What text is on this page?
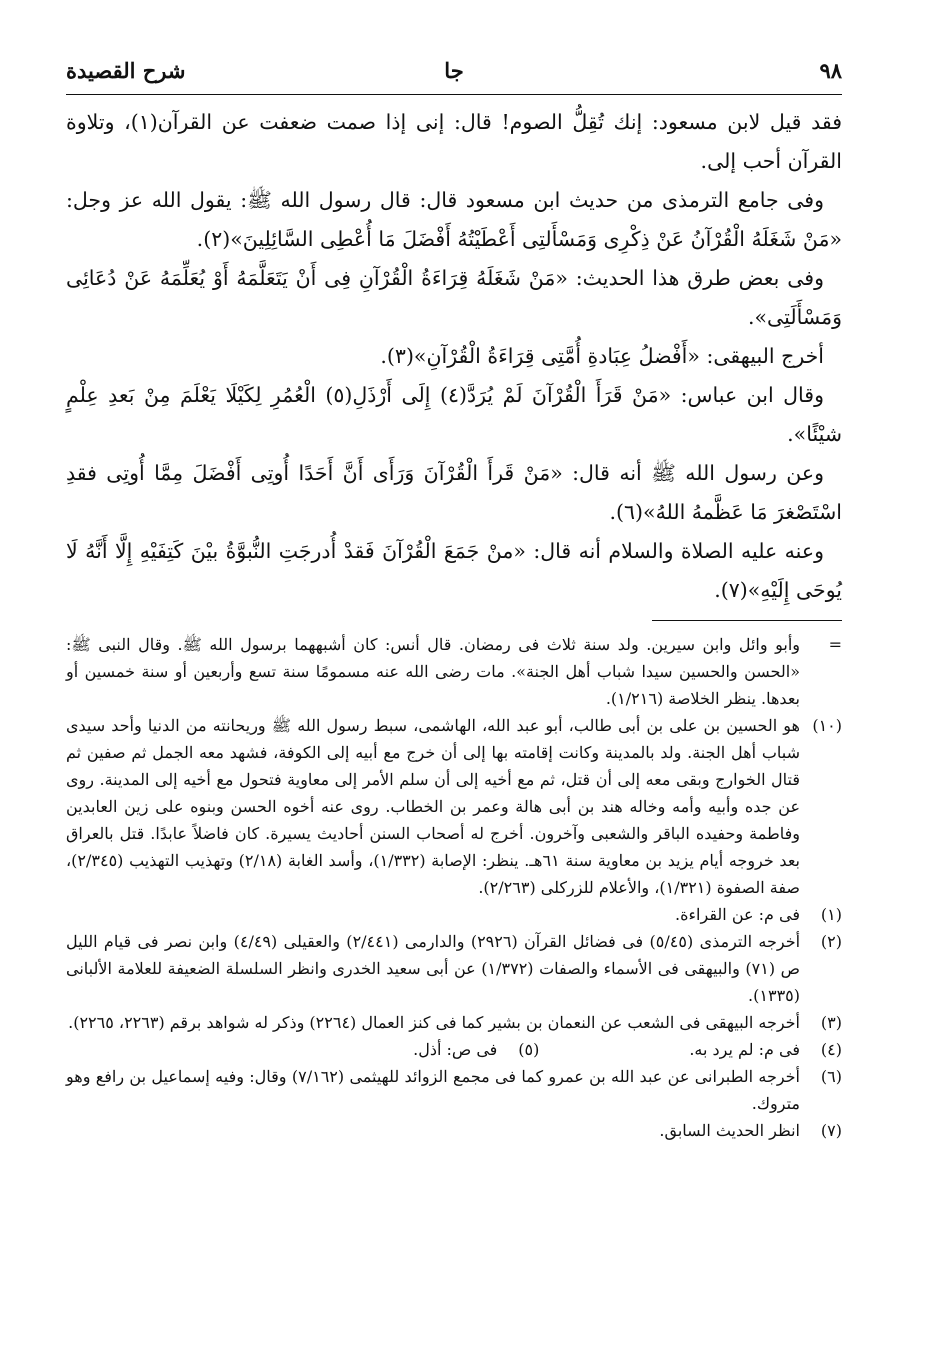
٩٨
جا
شرح القصيدة

فقد قيل لابن مسعود: إنك تُقِلُّ الصوم! قال: إنى إذا صمت ضعفت عن القرآن(١)، وتلاوة القرآن أحب إلى.

وفى جامع الترمذى من حديث ابن مسعود قال: قال رسول الله ﷺ: يقول الله عز وجل: «مَنْ شَغَلَهُ الْقُرْآنُ عَنْ ذِكْرِى وَمَسْأَلتِى أَعْطَيْتُهُ أَفْضَلَ مَا أُعْطِى السَّائِلِينَ»(٢).

وفى بعض طرق هذا الحديث: «مَنْ شَغَلَهُ قِرَاءَةُ الْقُرْآنِ فِى أَنْ يَتَعَلَّمَهُ أَوْ يُعَلِّمَهُ عَنْ دُعَائِى وَمَسْأَلَتِى».

أخرج البيهقى: «أَفْضلُ عِبَادةِ أُمَّتِى قِرَاءَةُ الْقُرْآنِ»(٣).

وقال ابن عباس: «مَنْ قَرَأَ الْقُرْآنَ لَمْ يُرَدَّ(٤) إِلَى أَرْذَلِ(٥) الْعُمُرِ لِكَيْلَا يَعْلَمَ مِنْ بَعدِ عِلْمٍ شيْئًا».

وعن رسول الله ﷺ أنه قال: «مَنْ قَرأَ الْقُرْآنَ وَرَأَى أَنَّ أَحَدًا أُوتِى أَفْضَلَ مِمَّا أُوتِى فقدِ اسْتَصْغرَ مَا عَظَّمهُ اللهُ»(٦).

وعنه عليه الصلاة والسلام أنه قال: «منْ جَمَعَ الْقُرْآنَ فَقدْ أُدرجَتِ النُّبوَّةُ بيْنَ كَتِفَيْهِ إِلَّا أَنَّهُ لَا يُوحَى إِلَيْهِ»(٧).

=
وأبو وائل وابن سيرين. ولد سنة ثلاث فى رمضان. قال أنس: كان أشبههما برسول الله ﷺ. وقال النبى ﷺ: «الحسن والحسين سيدا شباب أهل الجنة». مات رضى الله عنه مسمومًا سنة تسع وأربعين أو سنة خمسين أو بعدها. ينظر الخلاصة (١/٢١٦).
(١٠)
هو الحسين بن على بن أبى طالب، أبو عبد الله، الهاشمى، سبط رسول الله ﷺ وريحانته من الدنيا وأحد سيدى شباب أهل الجنة. ولد بالمدينة وكانت إقامته بها إلى أن خرج مع أبيه إلى الكوفة، فشهد معه الجمل ثم صفين ثم قتال الخوارج وبقى معه إلى أن قتل، ثم مع أخيه إلى أن سلم الأمر إلى معاوية فتحول مع أخيه إلى المدينة. روى عن جده وأبيه وأمه وخاله هند بن أبى هالة وعمر بن الخطاب. روى عنه أخوه الحسن وبنوه على زين العابدين وفاطمة وحفيده الباقر والشعبى وآخرون. أخرج له أصحاب السنن أحاديث يسيرة. كان فاضلاً عابدًا. قتل بالعراق بعد خروجه أيام يزيد بن معاوية سنة ٦١هـ. ينظر: الإصابة (١/٣٣٢)، وأسد الغابة (٢/١٨) وتهذيب التهذيب (٢/٣٤٥)، صفة الصفوة (١/٣٢١)، والأعلام للزركلى (٢/٢٦٣).
(١)
فى م: عن القراءة.
(٢)
أخرجه الترمذى (٥/٤٥) فى فضائل القرآن (٢٩٢٦) والدارمى (٢/٤٤١) والعقيلى (٤/٤٩) وابن نصر فى قيام الليل ص (٧١) والبيهقى فى الأسماء والصفات (١/٣٧٢) عن أبى سعيد الخدرى وانظر السلسلة الضعيفة للعلامة الألبانى (١٣٣٥).
(٣)
أخرجه البيهقى فى الشعب عن النعمان بن بشير كما فى كنز العمال (٢٢٦٤) وذكر له شواهد برقم (٢٢٦٣، ٢٢٦٥).
(٤)
فى م: لم يرد به.
(٥)
فى ص: أذل.
(٦)
أخرجه الطبرانى عن عبد الله بن عمرو كما فى مجمع الزوائد للهيثمى (٧/١٦٢) وقال: وفيه إسماعيل بن رافع وهو متروك.
(٧)
انظر الحديث السابق.
